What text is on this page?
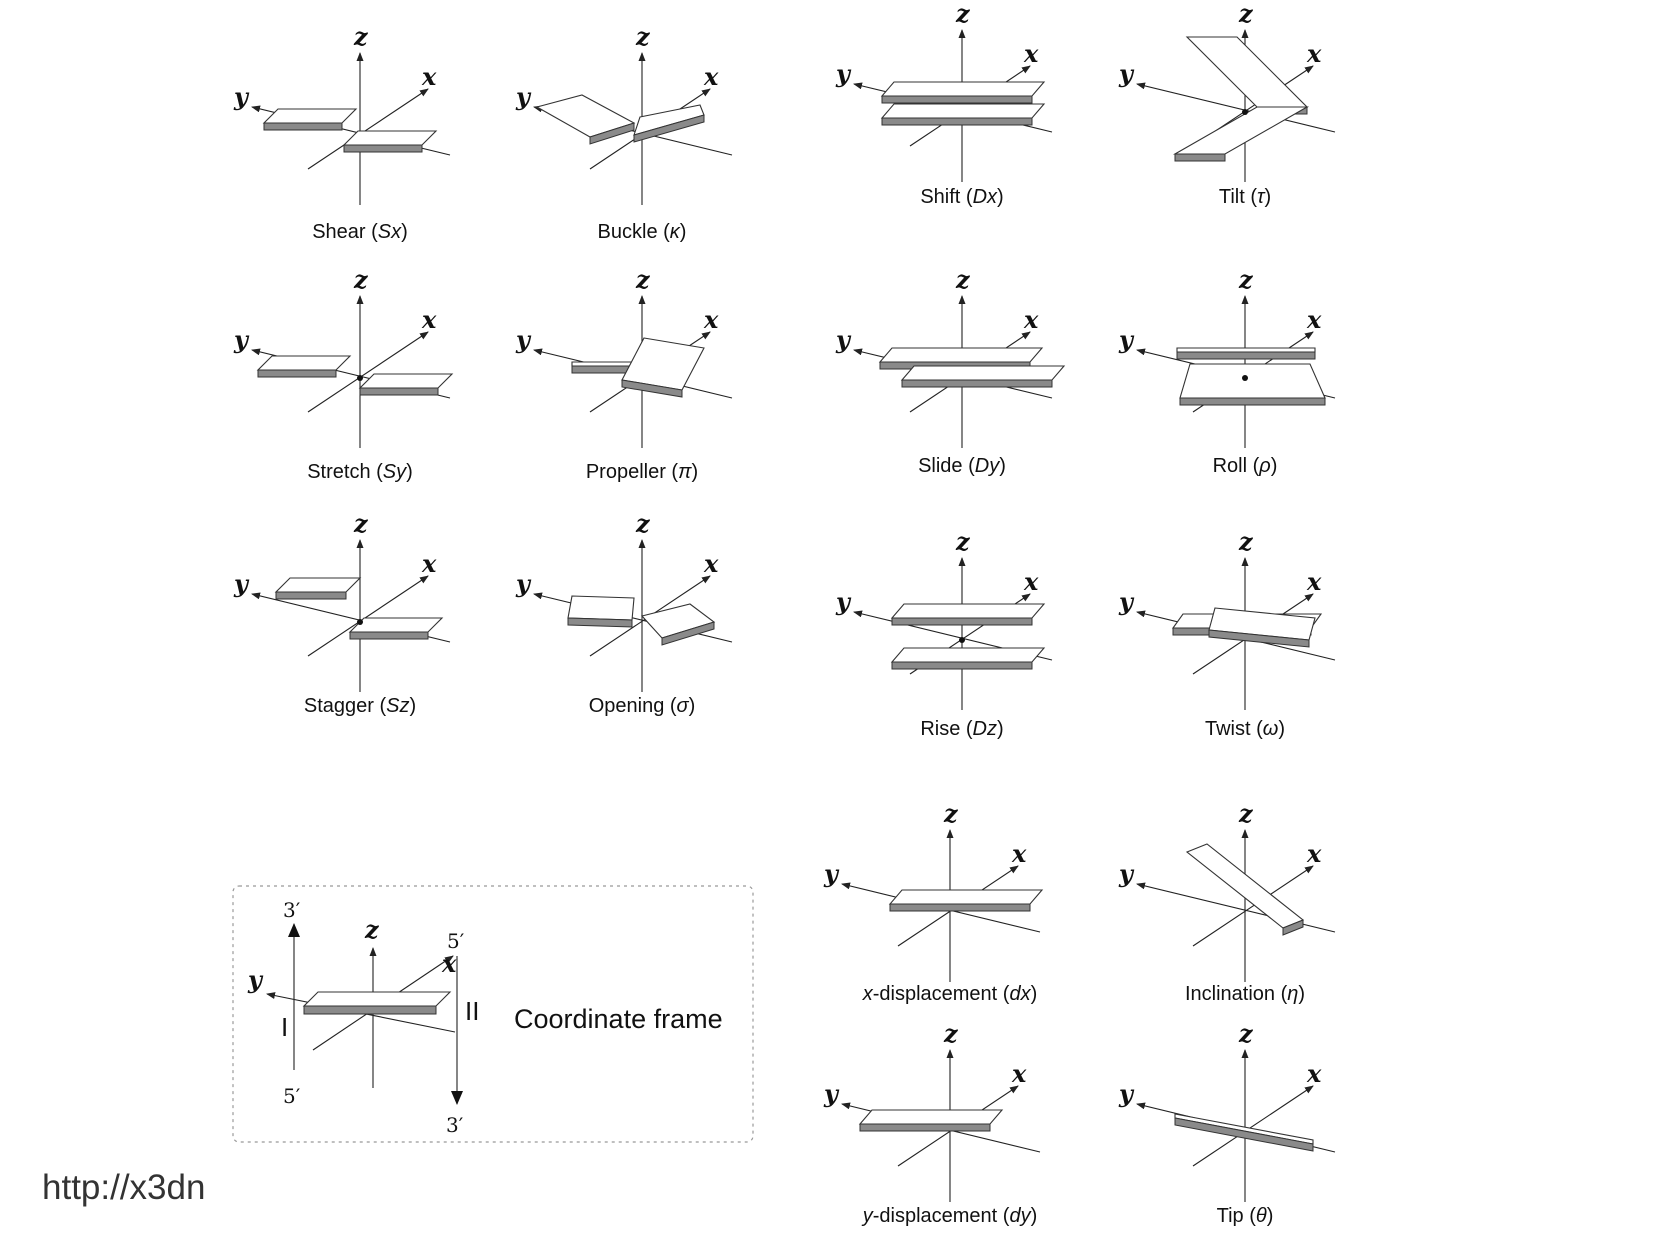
z
y
x
Shear (Sx)
z
y
x
Buckle (κ)
z
y
x
Shift (Dx)
z
y
x
Tilt (τ)
z
y
x
Stretch (Sy)
z
y
x
Propeller (π)
z
y
x
Slide (Dy)
z
y
x
Roll (ρ)
z
y
x
Stagger (Sz)
z
y
x
Opening (σ)
z
y
x
Rise (Dz)
z
y
x
Twist (ω)
z
y
x
x-displacement (dx)
z
y
x
Inclination (η)
z
y
x
y-displacement (dy)
z
y
x
Tip (θ)
z
y
x
3′
5′
I
5′
3′
II Coordinate frame
http://x3dn
